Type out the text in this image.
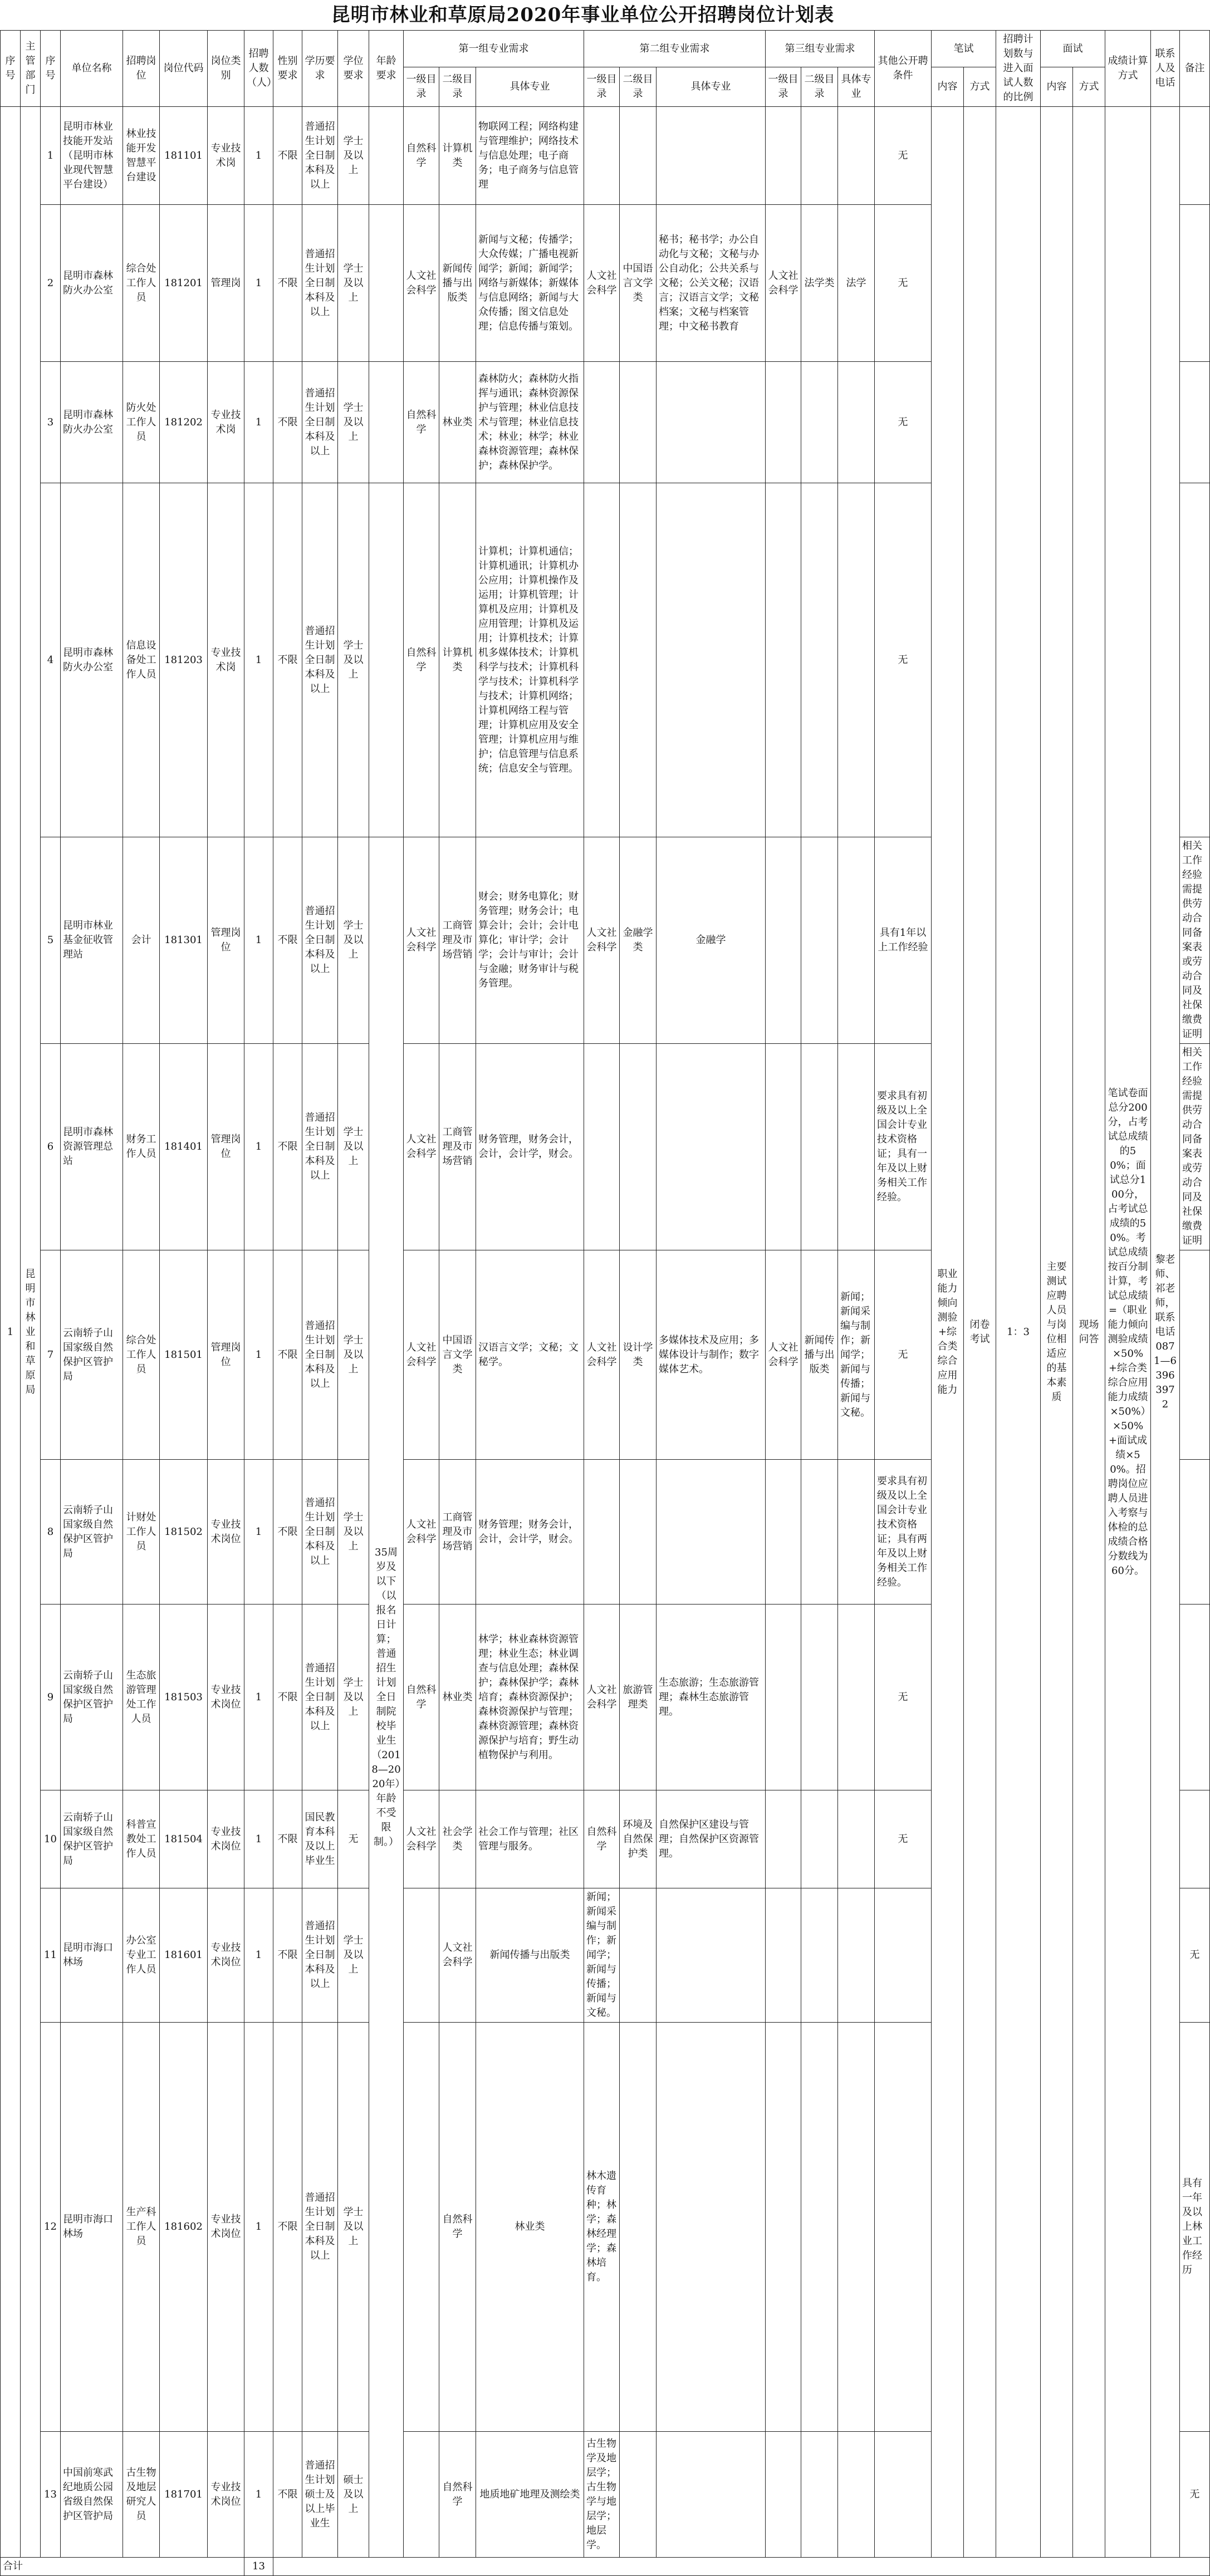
昆明市林业和草原局2020年事业单位公开招聘岗位计划表
序号	主管部门	序号	单位名称	招聘岗位	岗位代码	岗位类别	招聘人数（人）	性别要求	学历要求	学位要求	年龄要求	第一组专业需求			第二组专业需求			第三组专业需求			其他公开聘条件	笔试		招聘计划数与进入面试人数的比例	面试		成绩计算方式	联系人及电话	备注	
												一级目录	二级目录	具体专业	一级目录	二级目录	具体专业	一级目录	二级目录	具体专业		内容	方式		内容	方式				
1	昆明市林业和草原局	1	昆明市林业技能开发站（昆明市林业现代智慧平台建设）	林业技能开发智慧平台建设	181101	专业技术岗	1	不限	普通招生计划全日制本科及以上	学士及以上		自然科学	计算机类	物联网工程；网络构建与管理维护；网络技术与信息处理；电子商务；电子商务与信息管理							无	职业能力倾向测验+综合类综合应用能力	闭卷考试	1：3	主要测试应聘人员与岗位相适应的基本素质	现场问答	笔试卷面总分200分，占考试总成绩的50%；面试总分100分，占考试总成绩的50%。考试总成绩按百分制计算，考试总成绩=（职业能力倾向测验成绩×50%+综合类综合应用能力成绩×50%）×50%+面试成绩×50%。招聘岗位应聘人员进入考察与体检的总成绩合格分数线为60分。	黎老师、祁老师，联系电话0871—63963972		
		2	昆明市森林防火办公室	综合处工作人员	181201	管理岗	1	不限	普通招生计划全日制本科及以上	学士及以上		人文社会科学	新闻传播与出版类	新闻与文秘；传播学；大众传媒；广播电视新闻学；新闻；新闻学；网络与新媒体；新媒体与信息网络；新闻与大众传播；图文信息处理；信息传播与策划。	人文社会科学	中国语言文学类	秘书；秘书学；办公自动化与文秘；文秘与办公自动化；公共关系与文秘；公关文秘；汉语言；汉语言文学；文秘档案；文秘与档案管理；中文秘书教育	人文社会科学	法学类	法学	无									
		3	昆明市森林防火办公室	防火处工作人员	181202	专业技术岗	1	不限	普通招生计划全日制本科及以上	学士及以上		自然科学	林业类	森林防火；森林防火指挥与通讯；森林资源保护与管理；林业信息技术与管理；林业信息技术；林业；林学；林业森林资源管理；森林保护；森林保护学。							无									
		4	昆明市森林防火办公室	信息设备处工作人员	181203	专业技术岗	1	不限	普通招生计划全日制本科及以上	学士及以上		自然科学	计算机类	计算机；计算机通信；计算机通讯；计算机办公应用；计算机操作及运用；计算机管理；计算机及应用；计算机及应用管理；计算机及运用；计算机技术；计算机多媒体技术；计算机科学与技术；计算机科学与技术；计算机科学与技术；计算机网络；计算机网络工程与管理；计算机应用及安全管理；计算机应用与维护；信息管理与信息系统；信息安全与管理。							无									
		5	昆明市林业基金征收管理站	会计	181301	管理岗位	1	不限	普通招生计划全日制本科及以上	学士及以上	35周岁及以下（以报名日计算；普通招生计划全日制院校毕业生（2018—2020年）年龄不受限制。）	人文社会科学	工商管理及市场营销	财会；财务电算化；财务管理；财务会计；电算会计；会计；会计电算化；审计学；会计学；会计与审计；会计与金融；财务审计与税务管理。	人文社会科学	金融学类	金融学				具有1年以上工作经验								相关工作经验需提供劳动合同备案表或劳动合同及社保缴费证明	
		6	昆明市森林资源管理总站	财务工作人员	181401	管理岗位	1	不限	普通招生计划全日制本科及以上	学士及以上		人文社会科学	工商管理及市场营销	财务管理，财务会计，会计，会计学，财会。							要求具有初级及以上全国会计专业技术资格证；具有一年及以上财务相关工作经验。								相关工作经验需提供劳动合同备案表或劳动合同及社保缴费证明	
		7	云南轿子山国家级自然保护区管护局	综合处工作人员	181501	管理岗位	1	不限	普通招生计划全日制本科及以上	学士及以上		人文社会科学	中国语言文学类	汉语言文学；文秘；文秘学。	人文社会科学	设计学类	多媒体技术及应用；多媒体设计与制作；数字媒体艺术。	人文社会科学	新闻传播与出版类	新闻；新闻采编与制作；新闻学；新闻与传播；新闻与文秘。	无									
		8	云南轿子山国家级自然保护区管护局	计财处工作人员	181502	专业技术岗位	1	不限	普通招生计划全日制本科及以上	学士及以上		人文社会科学	工商管理及市场营销	财务管理；财务会计，会计，会计学，财会。							要求具有初级及以上全国会计专业技术资格证；具有两年及以上财务相关工作经验。									
		9	云南轿子山国家级自然保护区管护局	生态旅游管理处工作人员	181503	专业技术岗位	1	不限	普通招生计划全日制本科及以上	学士及以上		自然科学	林业类	林学；林业森林资源管理；林业生态；林业调查与信息处理；森林保护；森林保护学；森林培育；森林资源保护；森林资源保护与管理；森林资源管理；森林资源保护与培育；野生动植物保护与利用。	人文社会科学	旅游管理类	生态旅游；生态旅游管理；森林生态旅游管理。				无									
		10	云南轿子山国家级自然保护区管护局	科普宣教处工作人员	181504	专业技术岗位	1	不限	国民教育本科及以上毕业生	无		人文社会科学	社会学类	社会工作与管理；社区管理与服务。	自然科学	环境及自然保护类	自然保护区建设与管理；自然保护区资源管理。				无									
		11	昆明市海口林场	办公室专业工作人员	181601	专业技术岗位	1	不限	普通招生计划全日制本科及以上	学士及以上			人文社会科学	新闻传播与出版类	新闻；新闻采编与制作；新闻学；新闻与传播；新闻与文秘。														无	
		12	昆明市海口林场	生产科工作人员	181602	专业技术岗位	1	不限	普通招生计划全日制本科及以上	学士及以上			自然科学	林业类	林木遗传育种；林学；森林经理学；森林培育。														具有一年及以上林业工作经历	
		13	中国前寒武纪地质公园省级自然保护区管护局	古生物及地层研究人员	181701	专业技术岗位	1	不限	普通招生计划硕士及以上毕业生	硕士及以上			自然科学	地质地矿地理及测绘类	古生物学及地层学；古生物学与地层学；地层学。														无	
合计							13																							
